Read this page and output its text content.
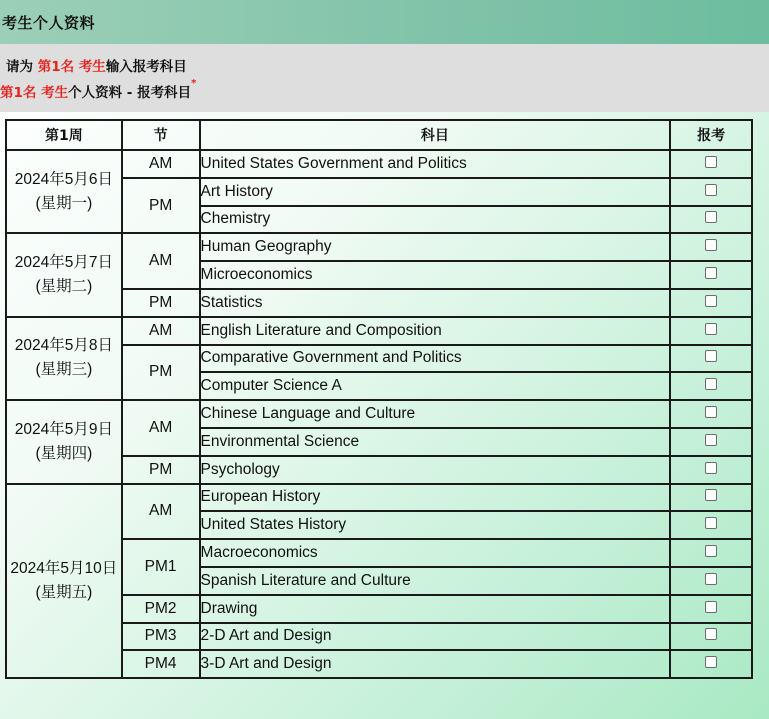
考生个人资料
请为 第1名 考生输入报考科目
第1名 考生个人资料 - 报考科目*
第1周	节	科目	报考
2024年5月6日
(星期一)	AM	United States Government and Politics	
	PM	Art History	
		Chemistry	
2024年5月7日
(星期二)	AM	Human Geography	
		Microeconomics	
	PM	Statistics	
2024年5月8日
(星期三)	AM	English Literature and Composition	
	PM	Comparative Government and Politics	
		Computer Science A	
2024年5月9日
(星期四)	AM	Chinese Language and Culture	
		Environmental Science	
	PM	Psychology	
2024年5月10日 (星期五)	AM	European History	
		United States History	
	PM1	Macroeconomics	
		Spanish Literature and Culture	
	PM2	Drawing	
	PM3	2-D Art and Design	
	PM4	3-D Art and Design	
